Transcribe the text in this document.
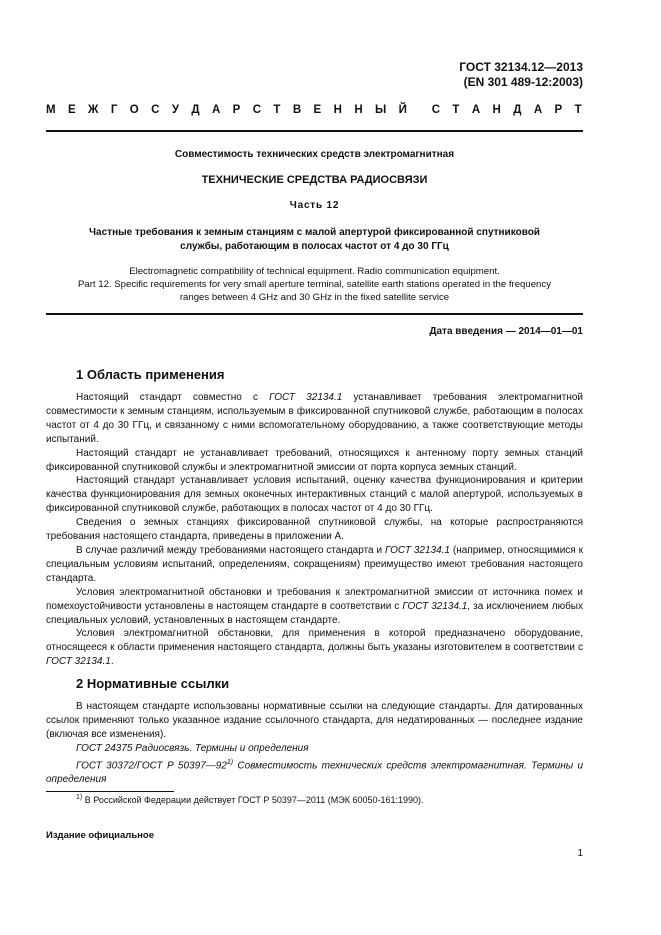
ГОСТ 32134.12—2013
(EN 301 489-12:2003)
М Е Ж Г О С У Д А Р С Т В Е Н Н Ы Й С Т А Н Д А Р Т
Совместимость технических средств электромагнитная
ТЕХНИЧЕСКИЕ СРЕДСТВА РАДИОСВЯЗИ
Часть 12
Частные требования к земным станциям с малой апертурой фиксированной спутниковой
службы, работающим в полосах частот от 4 до 30 ГГц
Electromagnetic compatibility of technical equipment. Radio communication equipment.
Part 12. Specific requirements for very small aperture terminal, satellite earth stations operated in the frequency
ranges between 4 GHz and 30 GHz in the fixed satellite service
Дата введения — 2014—01—01
1 Область применения

Настоящий стандарт совместно с ГОСТ 32134.1 устанавливает требования электромагнитной совместимости к земным станциям, используемым в фиксированной спутниковой службе, работающим в полосах частот от 4 до 30 ГГц, и связанному с ними вспомогательному оборудованию, а также соответствующие методы испытаний.

Настоящий стандарт не устанавливает требований, относящихся к антенному порту земных станций фиксированной спутниковой службы и электромагнитной эмиссии от порта корпуса земных станций.

Настоящий стандарт устанавливает условия испытаний, оценку качества функционирования и критерии качества функционирования для земных оконечных интерактивных станций с малой апертурой, используемых в фиксированной спутниковой службе, работающих в полосах частот от 4 до 30 ГГц.

Сведения о земных станциях фиксированной спутниковой службы, на которые распространяются требования настоящего стандарта, приведены в приложении А.

В случае различий между требованиями настоящего стандарта и ГОСТ 32134.1 (например, относящимися к специальным условиям испытаний, определениям, сокращениям) преимущество имеют требования настоящего стандарта.

Условия электромагнитной обстановки и требования к электромагнитной эмиссии от источника помех и помехоустойчивости установлены в настоящем стандарте в соответствии с ГОСТ 32134.1, за исключением любых специальных условий, установленных в настоящем стандарте.

Условия электромагнитной обстановки, для применения в которой предназначено оборудование, относящееся к области применения настоящего стандарта, должны быть указаны изготовителем в соответствии с ГОСТ 32134.1.

2 Нормативные ссылки

В настоящем стандарте использованы нормативные ссылки на следующие стандарты. Для датированных ссылок применяют только указанное издание ссылочного стандарта, для недатированных — последнее издание (включая все изменения).

ГОСТ 24375 Радиосвязь. Термины и определения

ГОСТ 30372/ГОСТ Р 50397—92$^{1)}$ Совместимость технических средств электромагнитная. Термины и определения

$^{1)}$ В Российской Федерации действует ГОСТ Р 50397—2011 (МЭК 60050-161:1990).
Издание официальное
1
